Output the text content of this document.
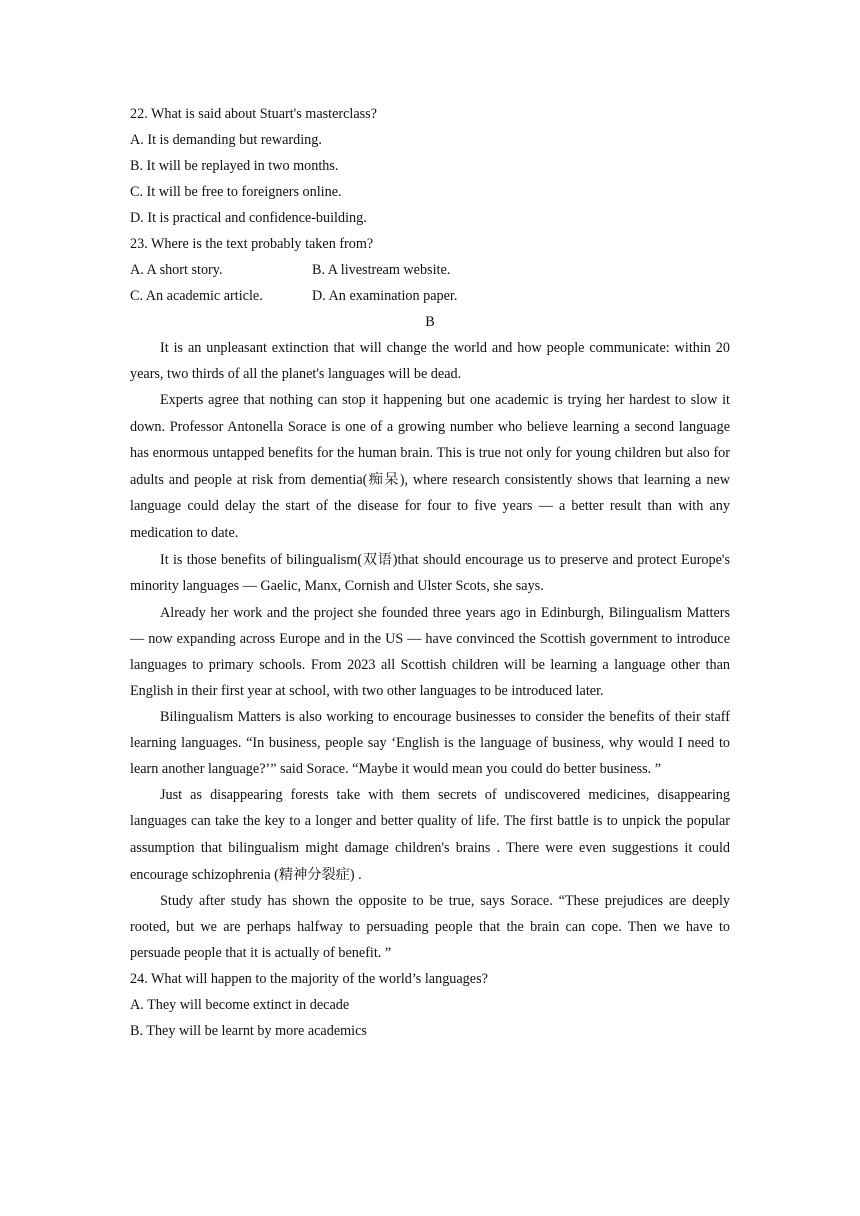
22. What is said about Stuart's masterclass?
A. It is demanding but rewarding.
B. It will be replayed in two months.
C. It will be free to foreigners online.
D. It is practical and confidence-building.
23. Where is the text probably taken from?
A. A short story.	B. A livestream website.
C. An academic article.	D. An examination paper.
B

It is an unpleasant extinction that will change the world and how people communicate: within 20 years, two thirds of all the planet's languages will be dead.

Experts agree that nothing can stop it happening but one academic is trying her hardest to slow it down. Professor Antonella Sorace is one of a growing number who believe learning a second language has enormous untapped benefits for the human brain. This is true not only for young children but also for adults and people at risk from dementia(痴呆), where research consistently shows that learning a new language could delay the start of the disease for four to five years — a better result than with any medication to date.

It is those benefits of bilingualism(双语)that should encourage us to preserve and protect Europe's minority languages — Gaelic, Manx, Cornish and Ulster Scots, she says.

Already her work and the project she founded three years ago in Edinburgh, Bilingualism Matters — now expanding across Europe and in the US — have convinced the Scottish government to introduce languages to primary schools. From 2023 all Scottish children will be learning a language other than English in their first year at school, with two other languages to be introduced later.

Bilingualism Matters is also working to encourage businesses to consider the benefits of their staff learning languages. “In business, people say ‘English is the language of business, why would I need to learn another language?’” said Sorace. “Maybe it would mean you could do better business. ”

Just as disappearing forests take with them secrets of undiscovered medicines, disappearing languages can take the key to a longer and better quality of life. The first battle is to unpick the popular assumption that bilingualism might damage children's brains . There were even suggestions it could encourage schizophrenia (精神分裂症) .

Study after study has shown the opposite to be true, says Sorace. “These prejudices are deeply rooted, but we are perhaps halfway to persuading people that the brain can cope. Then we have to persuade people that it is actually of benefit. ”

24. What will happen to the majority of the world’s languages?
A. They will become extinct in decade
B. They will be learnt by more academics
